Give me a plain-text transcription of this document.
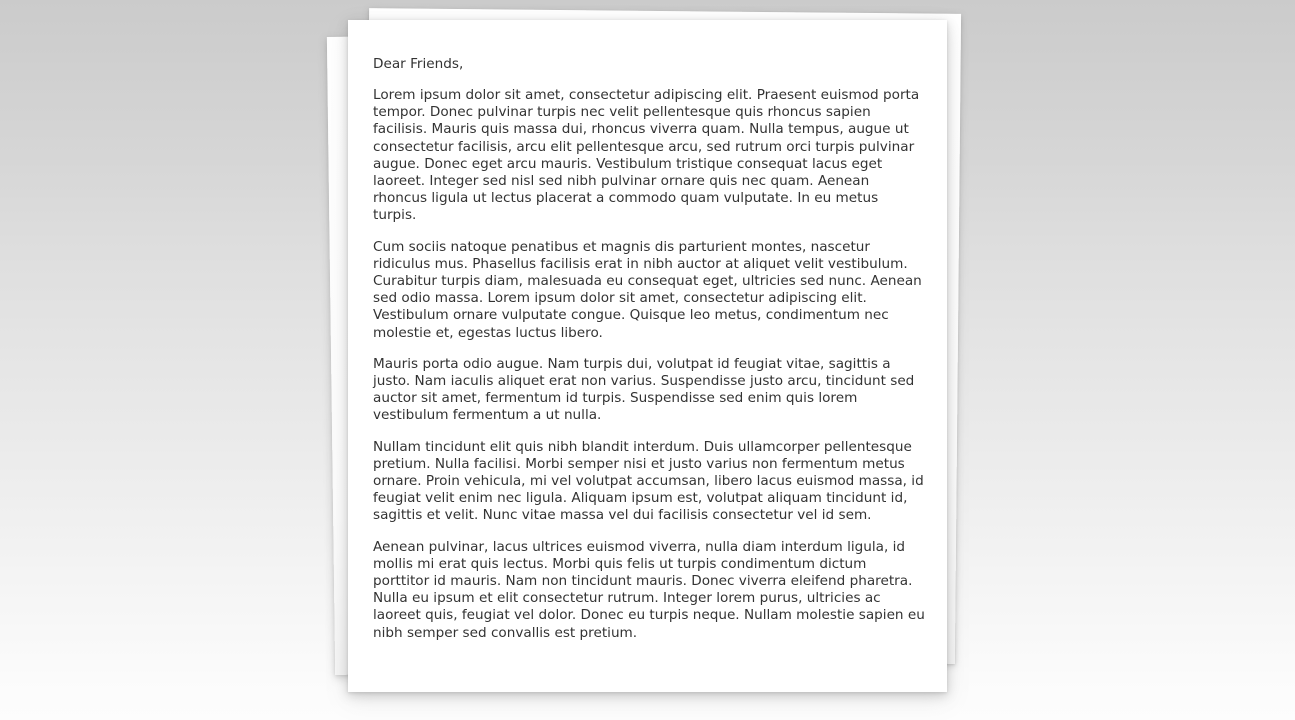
Dear Friends,

Lorem ipsum dolor sit amet, consectetur adipiscing elit. Praesent euismod porta tempor. Donec pulvinar turpis nec velit pellentesque quis rhoncus sapien facilisis. Mauris quis massa dui, rhoncus viverra quam. Nulla tempus, augue ut consectetur facilisis, arcu elit pellentesque arcu, sed rutrum orci turpis pulvinar augue. Donec eget arcu mauris. Vestibulum tristique consequat lacus eget laoreet. Integer sed nisl sed nibh pulvinar ornare quis nec quam. Aenean rhoncus ligula ut lectus placerat a commodo quam vulputate. In eu metus turpis.

Cum sociis natoque penatibus et magnis dis parturient montes, nascetur ridiculus mus. Phasellus facilisis erat in nibh auctor at aliquet velit vestibulum. Curabitur turpis diam, malesuada eu consequat eget, ultricies sed nunc. Aenean sed odio massa. Lorem ipsum dolor sit amet, consectetur adipiscing elit. Vestibulum ornare vulputate congue. Quisque leo metus, condimentum nec molestie et, egestas luctus libero.

Mauris porta odio augue. Nam turpis dui, volutpat id feugiat vitae, sagittis a justo. Nam iaculis aliquet erat non varius. Suspendisse justo arcu, tincidunt sed auctor sit amet, fermentum id turpis. Suspendisse sed enim quis lorem vestibulum fermentum a ut nulla.

Nullam tincidunt elit quis nibh blandit interdum. Duis ullamcorper pellentesque pretium. Nulla facilisi. Morbi semper nisi et justo varius non fermentum metus ornare. Proin vehicula, mi vel volutpat accumsan, libero lacus euismod massa, id feugiat velit enim nec ligula. Aliquam ipsum est, volutpat aliquam tincidunt id, sagittis et velit. Nunc vitae massa vel dui facilisis consectetur vel id sem.

Aenean pulvinar, lacus ultrices euismod viverra, nulla diam interdum ligula, id mollis mi erat quis lectus. Morbi quis felis ut turpis condimentum dictum porttitor id mauris. Nam non tincidunt mauris. Donec viverra eleifend pharetra. Nulla eu ipsum et elit consectetur rutrum. Integer lorem purus, ultricies ac laoreet quis, feugiat vel dolor. Donec eu turpis neque. Nullam molestie sapien eu nibh semper sed convallis est pretium.
